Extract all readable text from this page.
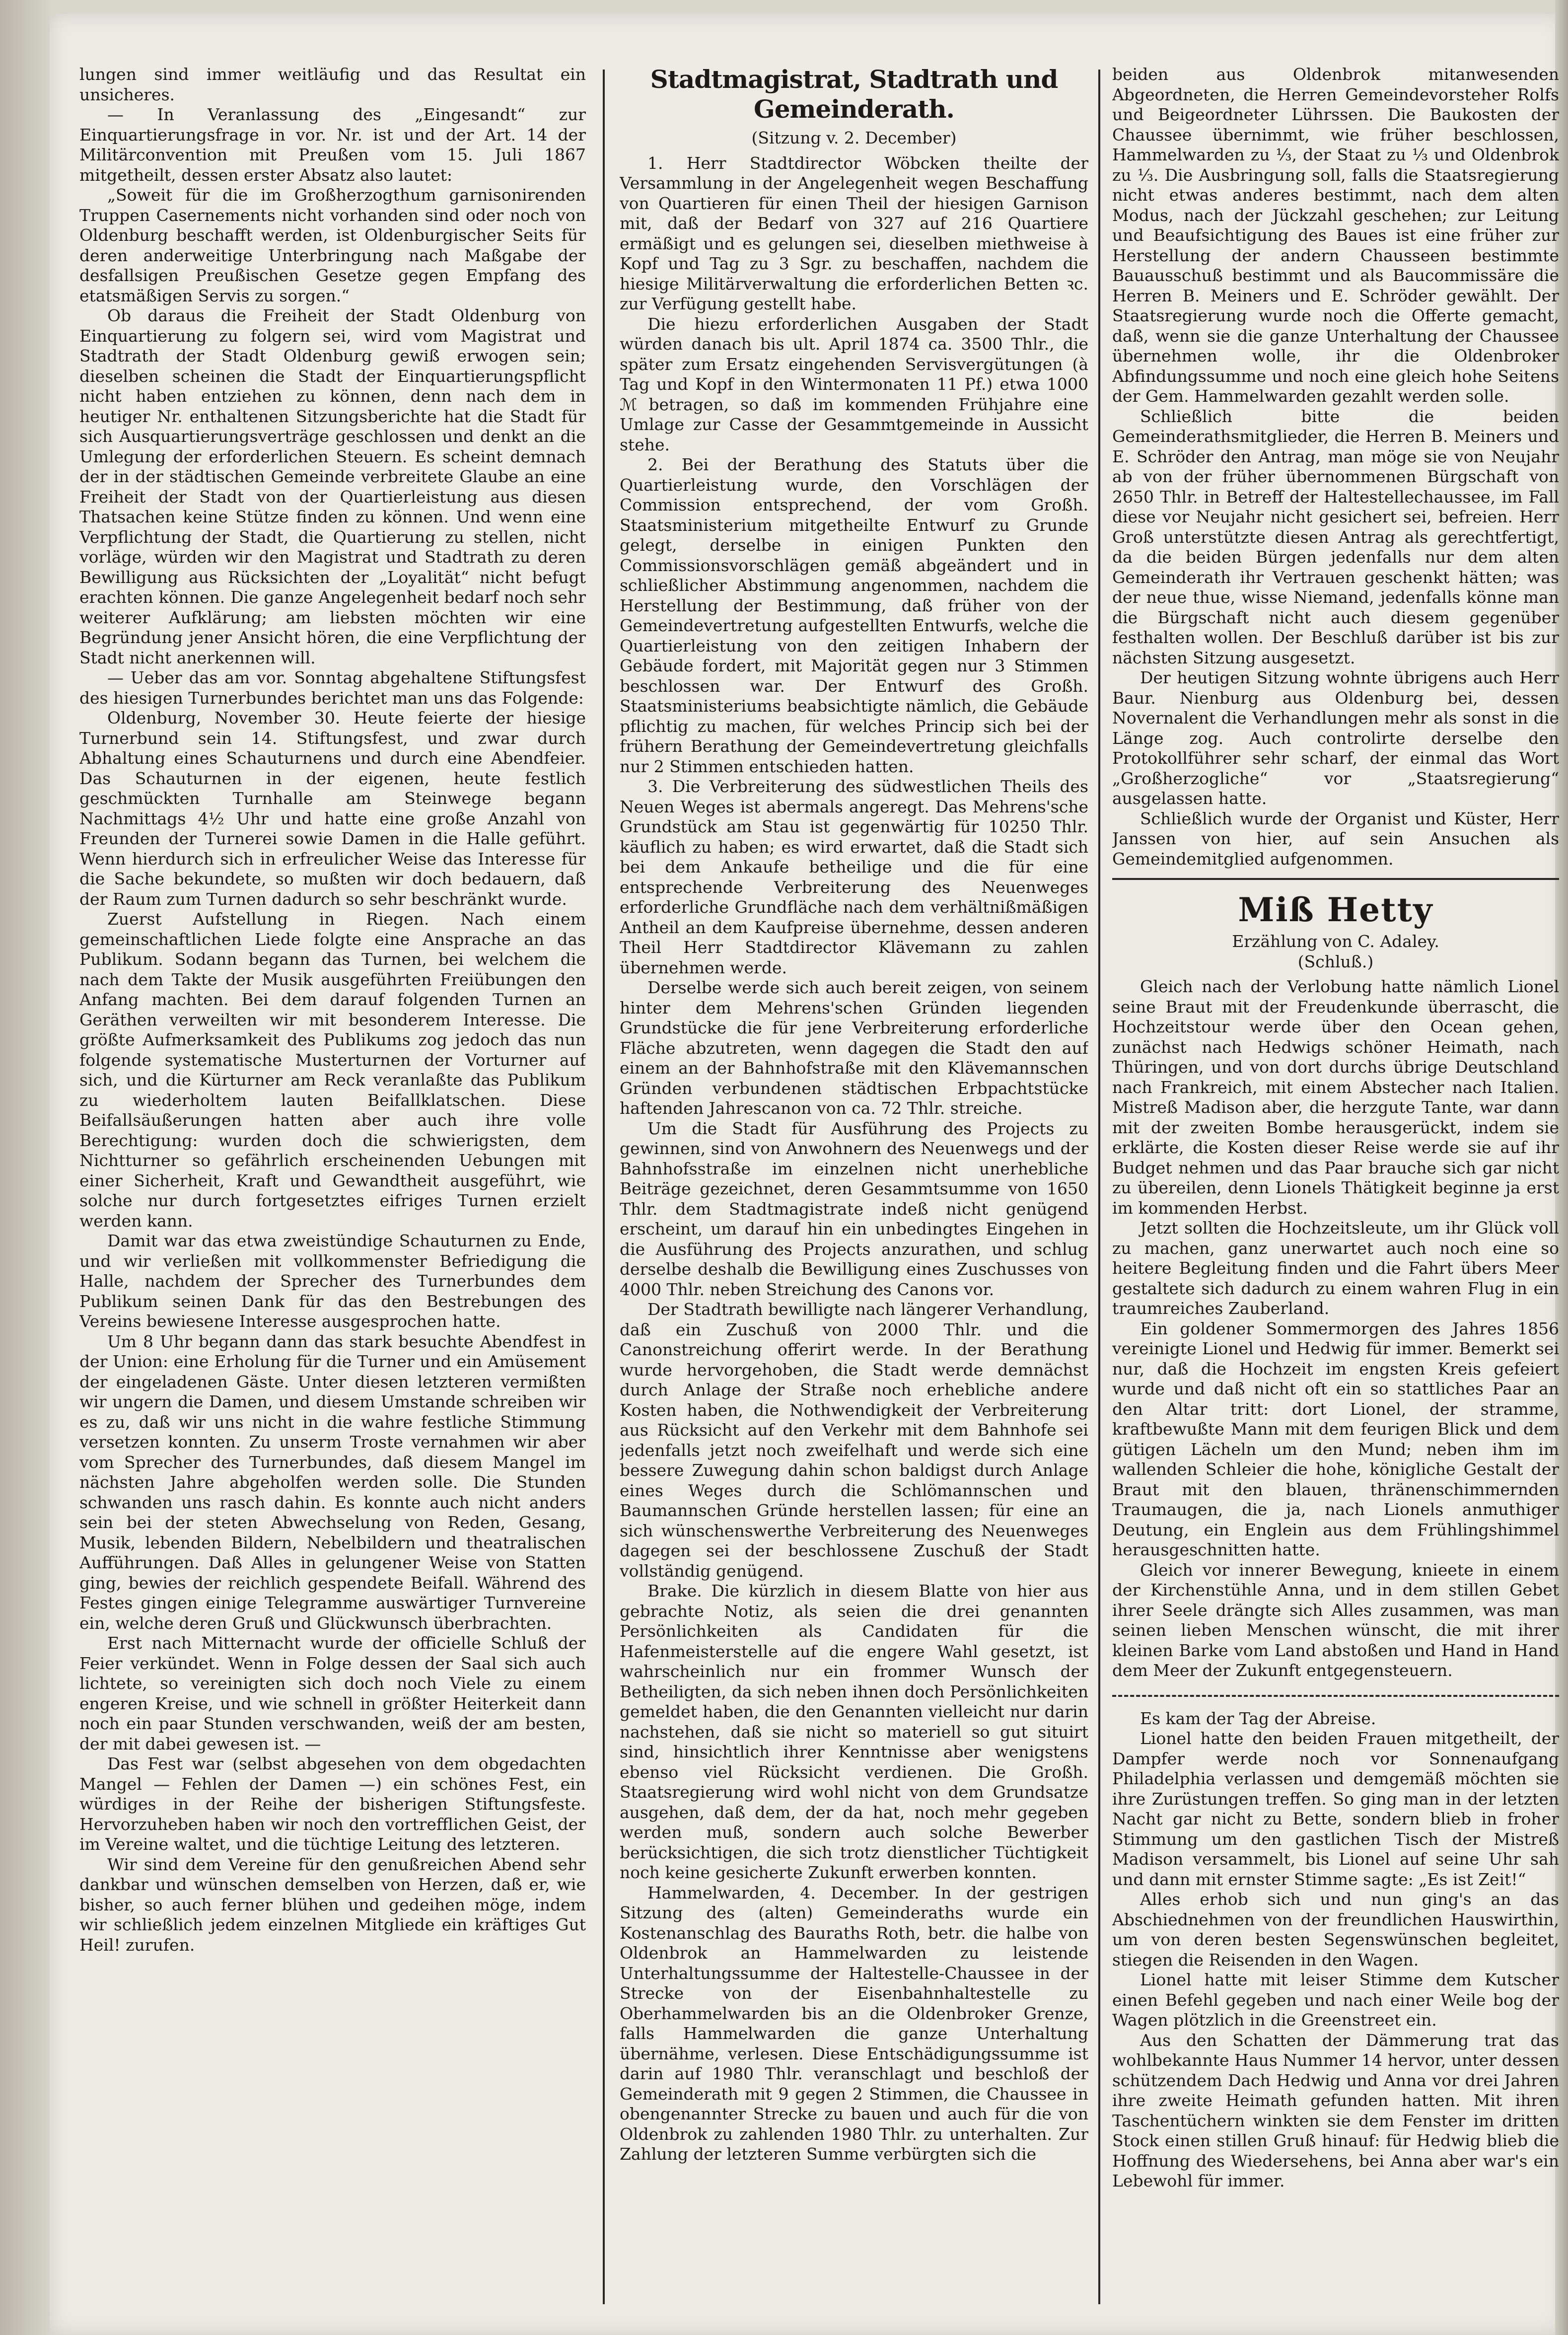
lungen sind immer weitläufig und das Resultat ein unsicheres.

— In Veranlassung des „Eingesandt“ zur Einquartierungsfrage in vor. Nr. ist und der Art. 14 der Militärconvention mit Preußen vom 15. Juli 1867 mitgetheilt, dessen erster Absatz also lautet:

„Soweit für die im Großherzogthum garnisonirenden Truppen Casernements nicht vorhanden sind oder noch von Oldenburg beschafft werden, ist Oldenburgischer Seits für deren anderweitige Unterbringung nach Maßgabe der desfallsigen Preußischen Gesetze gegen Empfang des etatsmäßigen Servis zu sorgen.“

Ob daraus die Freiheit der Stadt Oldenburg von Einquartierung zu folgern sei, wird vom Magistrat und Stadtrath der Stadt Oldenburg gewiß erwogen sein; dieselben scheinen die Stadt der Einquartierungspflicht nicht haben entziehen zu können, denn nach dem in heutiger Nr. enthaltenen Sitzungsberichte hat die Stadt für sich Ausquartierungsverträge geschlossen und denkt an die Umlegung der erforderlichen Steuern. Es scheint demnach der in der städtischen Gemeinde verbreitete Glaube an eine Freiheit der Stadt von der Quartierleistung aus diesen Thatsachen keine Stütze finden zu können. Und wenn eine Verpflichtung der Stadt, die Quartierung zu stellen, nicht vorläge, würden wir den Magistrat und Stadtrath zu deren Bewilligung aus Rücksichten der „Loyalität“ nicht befugt erachten können. Die ganze Angelegenheit bedarf noch sehr weiterer Aufklärung; am liebsten möchten wir eine Begründung jener Ansicht hören, die eine Verpflichtung der Stadt nicht anerkennen will.

— Ueber das am vor. Sonntag abgehaltene Stiftungsfest des hiesigen Turnerbundes berichtet man uns das Folgende:

Oldenburg, November 30. Heute feierte der hiesige Turnerbund sein 14. Stiftungsfest, und zwar durch Abhaltung eines Schauturnens und durch eine Abendfeier. Das Schauturnen in der eigenen, heute festlich geschmückten Turnhalle am Steinwege begann Nachmittags 4½ Uhr und hatte eine große Anzahl von Freunden der Turnerei sowie Damen in die Halle geführt. Wenn hierdurch sich in erfreulicher Weise das Interesse für die Sache bekundete, so mußten wir doch bedauern, daß der Raum zum Turnen dadurch so sehr beschränkt wurde.

Zuerst Aufstellung in Riegen. Nach einem gemeinschaftlichen Liede folgte eine Ansprache an das Publikum. Sodann begann das Turnen, bei welchem die nach dem Takte der Musik ausgeführten Freiübungen den Anfang machten. Bei dem darauf folgenden Turnen an Geräthen verweilten wir mit besonderem Interesse. Die größte Aufmerksamkeit des Publikums zog jedoch das nun folgende systematische Musterturnen der Vorturner auf sich, und die Kürturner am Reck veranlaßte das Publikum zu wiederholtem lauten Beifallklatschen. Diese Beifallsäußerungen hatten aber auch ihre volle Berechtigung: wurden doch die schwierigsten, dem Nichtturner so gefährlich erscheinenden Uebungen mit einer Sicherheit, Kraft und Gewandtheit ausgeführt, wie solche nur durch fortgesetztes eifriges Turnen erzielt werden kann.

Damit war das etwa zweistündige Schauturnen zu Ende, und wir verließen mit vollkommenster Befriedigung die Halle, nachdem der Sprecher des Turnerbundes dem Publikum seinen Dank für das den Bestrebungen des Vereins bewiesene Interesse ausgesprochen hatte.

Um 8 Uhr begann dann das stark besuchte Abendfest in der Union: eine Erholung für die Turner und ein Amüsement der eingeladenen Gäste. Unter diesen letzteren vermißten wir ungern die Damen, und diesem Umstande schreiben wir es zu, daß wir uns nicht in die wahre festliche Stimmung versetzen konnten. Zu unserm Troste vernahmen wir aber vom Sprecher des Turnerbundes, daß diesem Mangel im nächsten Jahre abgeholfen werden solle. Die Stunden schwanden uns rasch dahin. Es konnte auch nicht anders sein bei der steten Abwechselung von Reden, Gesang, Musik, lebenden Bildern, Nebelbildern und theatralischen Aufführungen. Daß Alles in gelungener Weise von Statten ging, bewies der reichlich gespendete Beifall. Während des Festes gingen einige Telegramme auswärtiger Turnvereine ein, welche deren Gruß und Glückwunsch überbrachten.

Erst nach Mitternacht wurde der officielle Schluß der Feier verkündet. Wenn in Folge dessen der Saal sich auch lichtete, so vereinigten sich doch noch Viele zu einem engeren Kreise, und wie schnell in größter Heiterkeit dann noch ein paar Stunden verschwanden, weiß der am besten, der mit dabei gewesen ist. —

Das Fest war (selbst abgesehen von dem obgedachten Mangel — Fehlen der Damen —) ein schönes Fest, ein würdiges in der Reihe der bisherigen Stiftungsfeste. Hervorzuheben haben wir noch den vortrefflichen Geist, der im Vereine waltet, und die tüchtige Leitung des letzteren.

Wir sind dem Vereine für den genußreichen Abend sehr dankbar und wünschen demselben von Herzen, daß er, wie bisher, so auch ferner blühen und gedeihen möge, indem wir schließlich jedem einzelnen Mitgliede ein kräftiges Gut Heil! zurufen.

Stadtmagistrat, Stadtrath und Gemeinderath.
(Sitzung v. 2. December)

1. Herr Stadtdirector Wöbcken theilte der Versammlung in der Angelegenheit wegen Beschaffung von Quartieren für einen Theil der hiesigen Garnison mit, daß der Bedarf von 327 auf 216 Quartiere ermäßigt und es gelungen sei, dieselben miethweise à Kopf und Tag zu 3 Sgr. zu beschaffen, nachdem die hiesige Militärverwaltung die erforderlichen Betten ꝛc. zur Verfügung gestellt habe.

Die hiezu erforderlichen Ausgaben der Stadt würden danach bis ult. April 1874 ca. 3500 Thlr., die später zum Ersatz eingehenden Servisvergütungen (à Tag und Kopf in den Wintermonaten 11 Pf.) etwa 1000 ℳ betragen, so daß im kommenden Frühjahre eine Umlage zur Casse der Gesammtgemeinde in Aussicht stehe.

2. Bei der Berathung des Statuts über die Quartierleistung wurde, den Vorschlägen der Commission entsprechend, der vom Großh. Staatsministerium mitgetheilte Entwurf zu Grunde gelegt, derselbe in einigen Punkten den Commissionsvorschlägen gemäß abgeändert und in schließlicher Abstimmung angenommen, nachdem die Herstellung der Bestimmung, daß früher von der Gemeindevertretung aufgestellten Entwurfs, welche die Quartierleistung von den zeitigen Inhabern der Gebäude fordert, mit Majorität gegen nur 3 Stimmen beschlossen war. Der Entwurf des Großh. Staatsministeriums beabsichtigte nämlich, die Gebäude pflichtig zu machen, für welches Princip sich bei der frühern Berathung der Gemeindevertretung gleichfalls nur 2 Stimmen entschieden hatten.

3. Die Verbreiterung des südwestlichen Theils des Neuen Weges ist abermals angeregt. Das Mehrens'sche Grundstück am Stau ist gegenwärtig für 10250 Thlr. käuflich zu haben; es wird erwartet, daß die Stadt sich bei dem Ankaufe betheilige und die für eine entsprechende Verbreiterung des Neuenweges erforderliche Grundfläche nach dem verhältnißmäßigen Antheil an dem Kaufpreise übernehme, dessen anderen Theil Herr Stadtdirector Klävemann zu zahlen übernehmen werde.

Derselbe werde sich auch bereit zeigen, von seinem hinter dem Mehrens'schen Gründen liegenden Grundstücke die für jene Verbreiterung erforderliche Fläche abzutreten, wenn dagegen die Stadt den auf einem an der Bahnhofstraße mit den Klävemannschen Gründen verbundenen städtischen Erbpachtstücke haftenden Jahrescanon von ca. 72 Thlr. streiche.

Um die Stadt für Ausführung des Projects zu gewinnen, sind von Anwohnern des Neuenwegs und der Bahnhofsstraße im einzelnen nicht unerhebliche Beiträge gezeichnet, deren Gesammtsumme von 1650 Thlr. dem Stadtmagistrate indeß nicht genügend erscheint, um darauf hin ein unbedingtes Eingehen in die Ausführung des Projects anzurathen, und schlug derselbe deshalb die Bewilligung eines Zuschusses von 4000 Thlr. neben Streichung des Canons vor.

Der Stadtrath bewilligte nach längerer Verhandlung, daß ein Zuschuß von 2000 Thlr. und die Canonstreichung offerirt werde. In der Berathung wurde hervorgehoben, die Stadt werde demnächst durch Anlage der Straße noch erhebliche andere Kosten haben, die Nothwendigkeit der Verbreiterung aus Rücksicht auf den Verkehr mit dem Bahnhofe sei jedenfalls jetzt noch zweifelhaft und werde sich eine bessere Zuwegung dahin schon baldigst durch Anlage eines Weges durch die Schlömannschen und Baumannschen Gründe herstellen lassen; für eine an sich wünschenswerthe Verbreiterung des Neuenweges dagegen sei der beschlossene Zuschuß der Stadt vollständig genügend.

Brake. Die kürzlich in diesem Blatte von hier aus gebrachte Notiz, als seien die drei genannten Persönlichkeiten als Candidaten für die Hafenmeisterstelle auf die engere Wahl gesetzt, ist wahrscheinlich nur ein frommer Wunsch der Betheiligten, da sich neben ihnen doch Persönlichkeiten gemeldet haben, die den Genannten vielleicht nur darin nachstehen, daß sie nicht so materiell so gut situirt sind, hinsichtlich ihrer Kenntnisse aber wenigstens ebenso viel Rücksicht verdienen. Die Großh. Staatsregierung wird wohl nicht von dem Grundsatze ausgehen, daß dem, der da hat, noch mehr gegeben werden muß, sondern auch solche Bewerber berücksichtigen, die sich trotz dienstlicher Tüchtigkeit noch keine gesicherte Zukunft erwerben konnten.

Hammelwarden, 4. December. In der gestrigen Sitzung des (alten) Gemeinderaths wurde ein Kostenanschlag des Bauraths Roth, betr. die halbe von Oldenbrok an Hammelwarden zu leistende Unterhaltungssumme der Haltestelle-Chaussee in der Strecke von der Eisenbahnhaltestelle zu Oberhammelwarden bis an die Oldenbroker Grenze, falls Hammelwarden die ganze Unterhaltung übernähme, verlesen. Diese Entschädigungssumme ist darin auf 1980 Thlr. veranschlagt und beschloß der Gemeinderath mit 9 gegen 2 Stimmen, die Chaussee in obengenannter Strecke zu bauen und auch für die von Oldenbrok zu zahlenden 1980 Thlr. zu unterhalten. Zur Zahlung der letzteren Summe verbürgten sich die

beiden aus Oldenbrok mitanwesenden Abgeordneten, die Herren Gemeindevorsteher Rolfs und Beigeordneter Lührssen. Die Baukosten der Chaussee übernimmt, wie früher beschlossen, Hammelwarden zu ⅓, der Staat zu ⅓ und Oldenbrok zu ⅓. Die Ausbringung soll, falls die Staatsregierung nicht etwas anderes bestimmt, nach dem alten Modus, nach der Jückzahl geschehen; zur Leitung und Beaufsichtigung des Baues ist eine früher zur Herstellung der andern Chausseen bestimmte Bauausschuß bestimmt und als Baucommissäre die Herren B. Meiners und E. Schröder gewählt. Der Staatsregierung wurde noch die Offerte gemacht, daß, wenn sie die ganze Unterhaltung der Chaussee übernehmen wolle, ihr die Oldenbroker Abfindungssumme und noch eine gleich hohe Seitens der Gem. Hammelwarden gezahlt werden solle.

Schließlich bitte die beiden Gemeinderathsmitglieder, die Herren B. Meiners und E. Schröder den Antrag, man möge sie von Neujahr ab von der früher übernommenen Bürgschaft von 2650 Thlr. in Betreff der Haltestellechaussee, im Fall diese vor Neujahr nicht gesichert sei, befreien. Herr Groß unterstützte diesen Antrag als gerechtfertigt, da die beiden Bürgen jedenfalls nur dem alten Gemeinderath ihr Vertrauen geschenkt hätten; was der neue thue, wisse Niemand, jedenfalls könne man die Bürgschaft nicht auch diesem gegenüber festhalten wollen. Der Beschluß darüber ist bis zur nächsten Sitzung ausgesetzt.

Der heutigen Sitzung wohnte übrigens auch Herr Baur. Nienburg aus Oldenburg bei, dessen Novernalent die Verhandlungen mehr als sonst in die Länge zog. Auch controlirte derselbe den Protokollführer sehr scharf, der einmal das Wort „Großherzogliche“ vor „Staatsregierung“ ausgelassen hatte.

Schließlich wurde der Organist und Küster, Herr Janssen von hier, auf sein Ansuchen als Gemeindemitglied aufgenommen.

Miß Hetty
Erzählung von C. Adaley.
(Schluß.)

Gleich nach der Verlobung hatte nämlich Lionel seine Braut mit der Freudenkunde überrascht, die Hochzeitstour werde über den Ocean gehen, zunächst nach Hedwigs schöner Heimath, nach Thüringen, und von dort durchs übrige Deutschland nach Frankreich, mit einem Abstecher nach Italien. Mistreß Madison aber, die herzgute Tante, war dann mit der zweiten Bombe herausgerückt, indem sie erklärte, die Kosten dieser Reise werde sie auf ihr Budget nehmen und das Paar brauche sich gar nicht zu übereilen, denn Lionels Thätigkeit beginne ja erst im kommenden Herbst.

Jetzt sollten die Hochzeitsleute, um ihr Glück voll zu machen, ganz unerwartet auch noch eine so heitere Begleitung finden und die Fahrt übers Meer gestaltete sich dadurch zu einem wahren Flug in ein traumreiches Zauberland.

Ein goldener Sommermorgen des Jahres 1856 vereinigte Lionel und Hedwig für immer. Bemerkt sei nur, daß die Hochzeit im engsten Kreis gefeiert wurde und daß nicht oft ein so stattliches Paar an den Altar tritt: dort Lionel, der stramme, kraftbewußte Mann mit dem feurigen Blick und dem gütigen Lächeln um den Mund; neben ihm im wallenden Schleier die hohe, königliche Gestalt der Braut mit den blauen, thränenschimmernden Traumaugen, die ja, nach Lionels anmuthiger Deutung, ein Englein aus dem Frühlingshimmel herausgeschnitten hatte.

Gleich vor innerer Bewegung, knieete in einem der Kirchenstühle Anna, und in dem stillen Gebet ihrer Seele drängte sich Alles zusammen, was man seinen lieben Menschen wünscht, die mit ihrer kleinen Barke vom Land abstoßen und Hand in Hand dem Meer der Zukunft entgegensteuern.

Es kam der Tag der Abreise.

Lionel hatte den beiden Frauen mitgetheilt, der Dampfer werde noch vor Sonnenaufgang Philadelphia verlassen und demgemäß möchten sie ihre Zurüstungen treffen. So ging man in der letzten Nacht gar nicht zu Bette, sondern blieb in froher Stimmung um den gastlichen Tisch der Mistreß Madison versammelt, bis Lionel auf seine Uhr sah und dann mit ernster Stimme sagte: „Es ist Zeit!“

Alles erhob sich und nun ging's an das Abschiednehmen von der freundlichen Hauswirthin, um von deren besten Segenswünschen begleitet, stiegen die Reisenden in den Wagen.

Lionel hatte mit leiser Stimme dem Kutscher einen Befehl gegeben und nach einer Weile bog der Wagen plötzlich in die Greenstreet ein.

Aus den Schatten der Dämmerung trat das wohlbekannte Haus Nummer 14 hervor, unter dessen schützendem Dach Hedwig und Anna vor drei Jahren ihre zweite Heimath gefunden hatten. Mit ihren Taschentüchern winkten sie dem Fenster im dritten Stock einen stillen Gruß hinauf: für Hedwig blieb die Hoffnung des Wiedersehens, bei Anna aber war's ein Lebewohl für immer.
